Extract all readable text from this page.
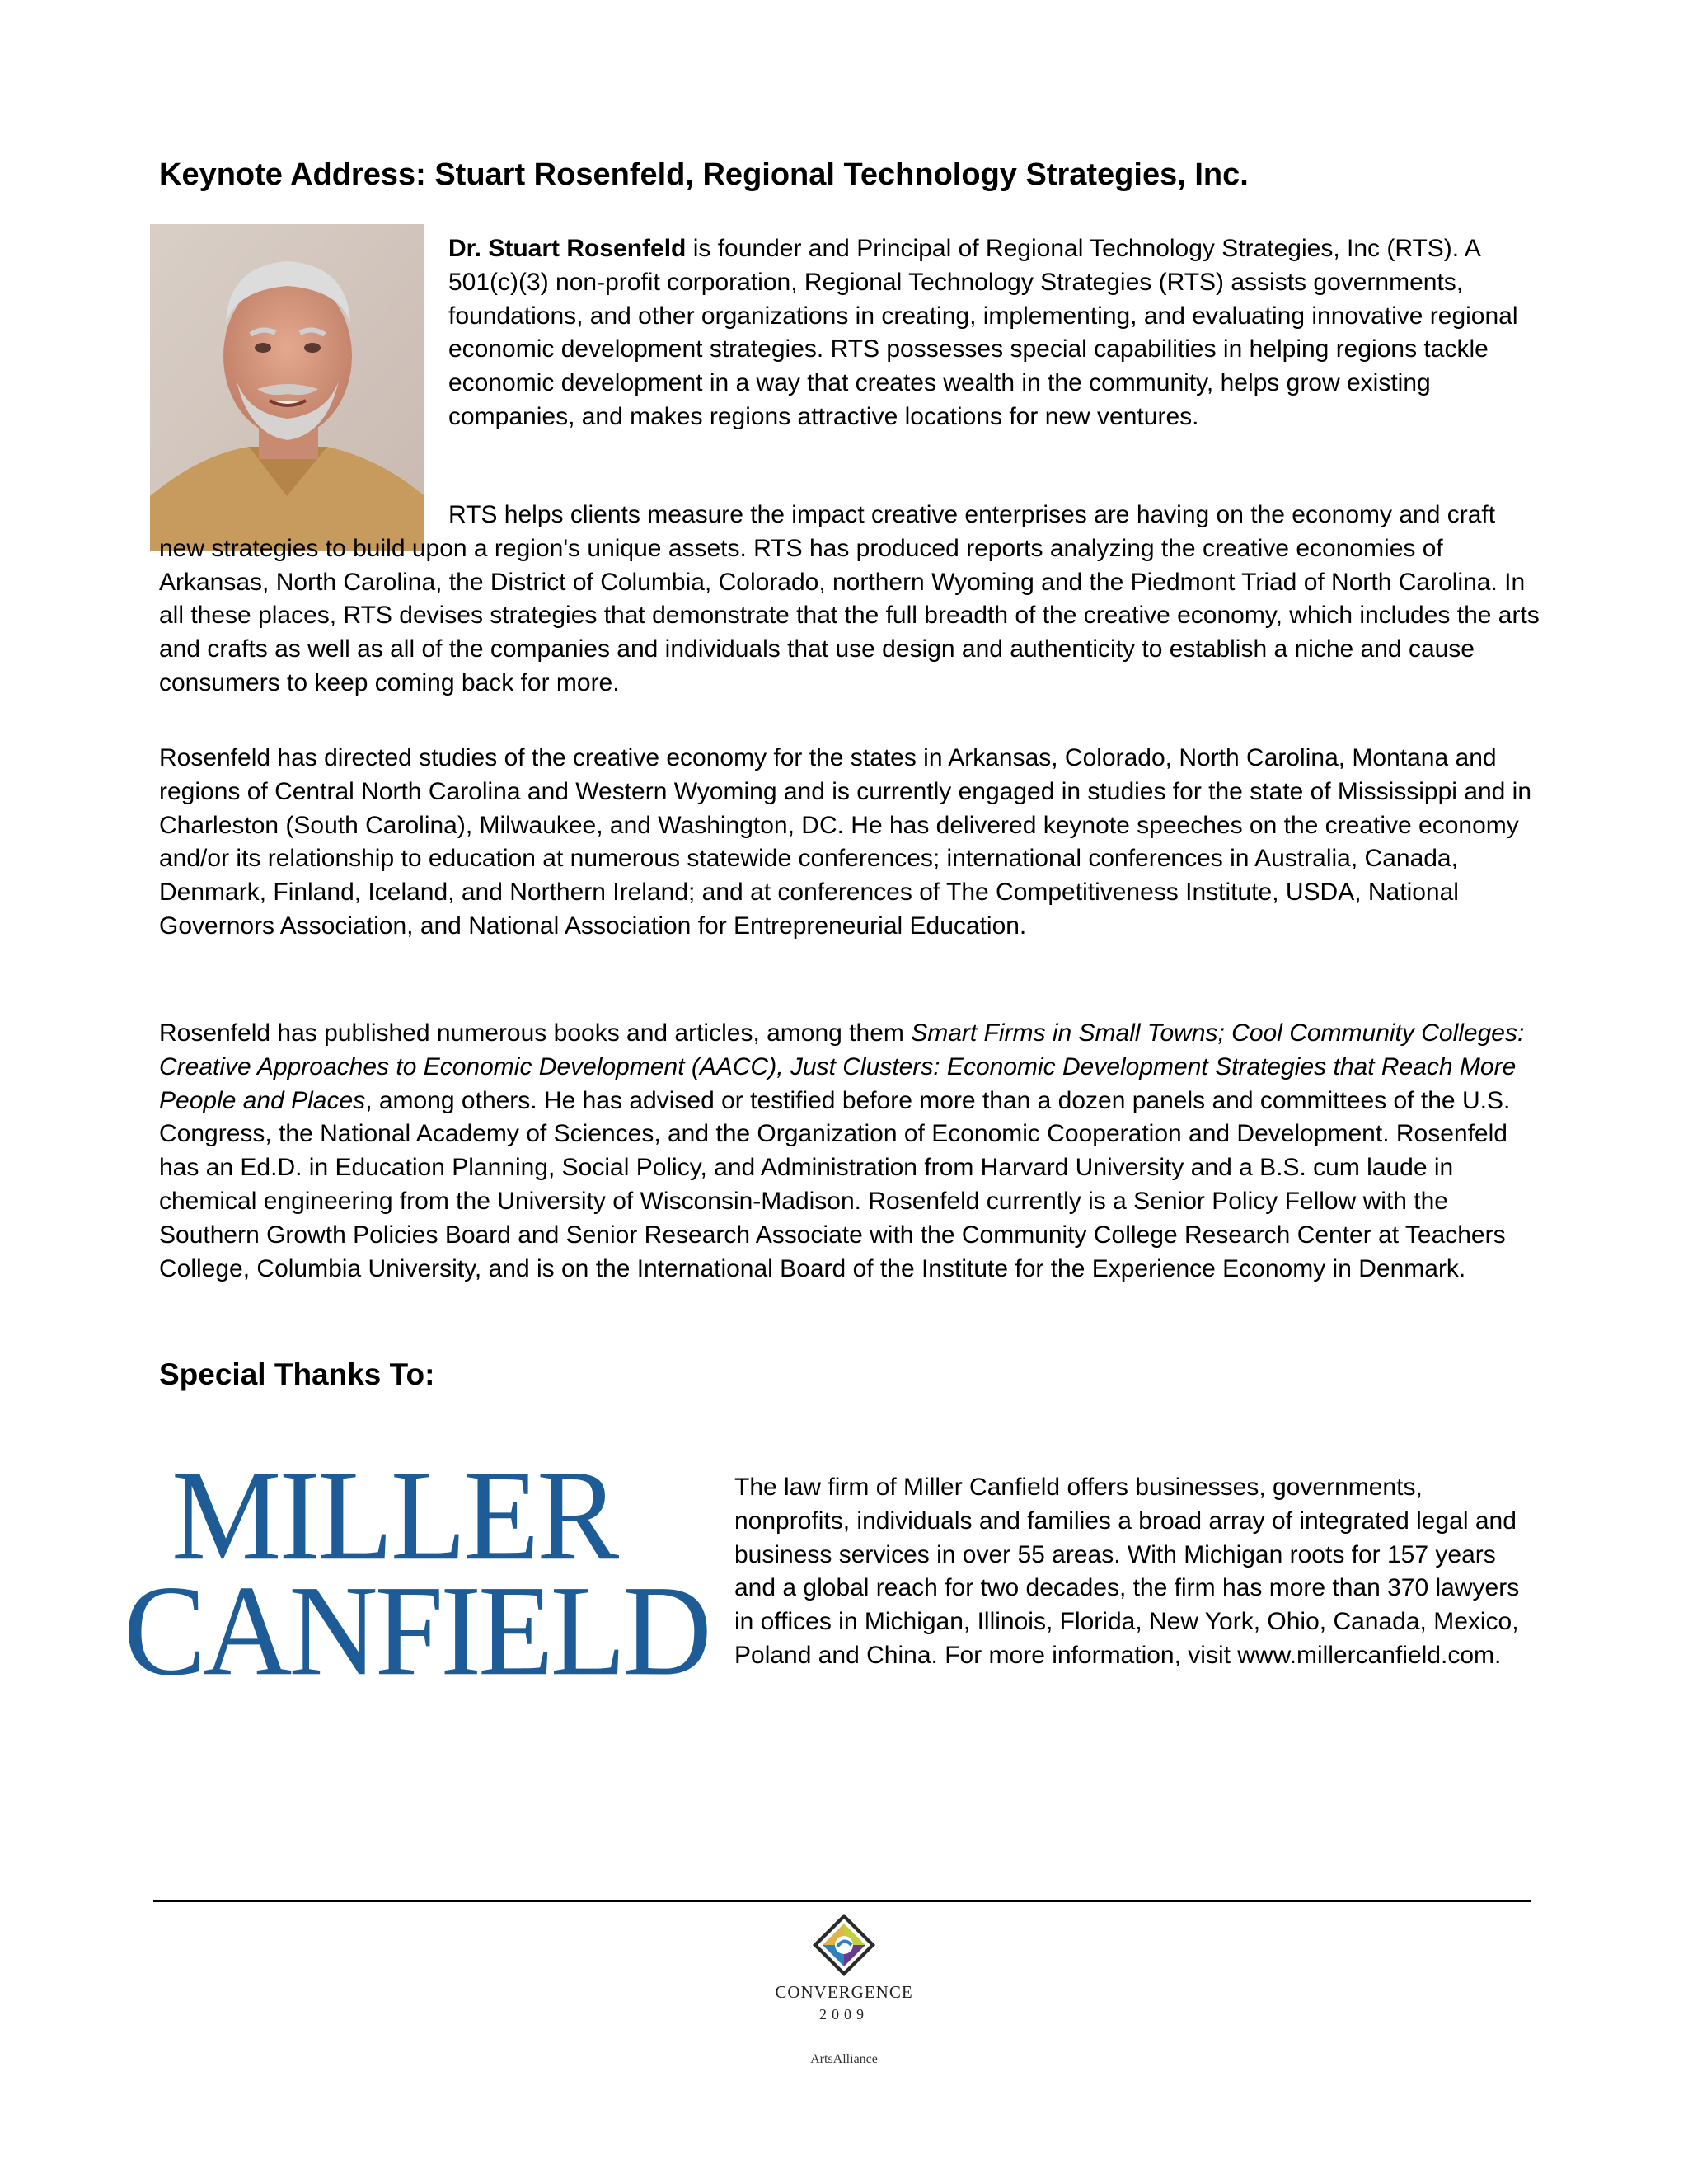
Keynote Address: Stuart Rosenfeld, Regional Technology Strategies, Inc.

Dr. Stuart Rosenfeld is founder and Principal of Regional Technology Strategies, Inc (RTS). A 501(c)(3) non-profit corporation, Regional Technology Strategies (RTS) assists governments, foundations, and other organizations in creating, implementing, and evaluating innovative regional economic development strategies. RTS possesses special capabilities in helping regions tackle economic development in a way that creates wealth in the community, helps grow existing companies, and makes regions attractive locations for new ventures.

RTS helps clients measure the impact creative enterprises are having on the economy and craft new strategies to build upon a region's unique assets. RTS has produced reports analyzing the creative economies of Arkansas, North Carolina, the District of Columbia, Colorado, northern Wyoming and the Piedmont Triad of North Carolina. In all these places, RTS devises strategies that demonstrate that the full breadth of the creative economy, which includes the arts and crafts as well as all of the companies and individuals that use design and authenticity to establish a niche and cause consumers to keep coming back for more.

Rosenfeld has directed studies of the creative economy for the states in Arkansas, Colorado, North Carolina, Montana and regions of Central North Carolina and Western Wyoming and is currently engaged in studies for the state of Mississippi and in Charleston (South Carolina), Milwaukee, and Washington, DC. He has delivered keynote speeches on the creative economy and/or its relationship to education at numerous statewide conferences; international conferences in Australia, Canada, Denmark, Finland, Iceland, and Northern Ireland; and at conferences of The Competitiveness Institute, USDA, National Governors Association, and National Association for Entrepreneurial Education.

Rosenfeld has published numerous books and articles, among them Smart Firms in Small Towns; Cool Community Colleges: Creative Approaches to Economic Development (AACC), Just Clusters: Economic Development Strategies that Reach More People and Places, among others. He has advised or testified before more than a dozen panels and committees of the U.S. Congress, the National Academy of Sciences, and the Organization of Economic Cooperation and Development. Rosenfeld has an Ed.D. in Education Planning, Social Policy, and Administration from Harvard University and a B.S. cum laude in chemical engineering from the University of Wisconsin-Madison. Rosenfeld currently is a Senior Policy Fellow with the Southern Growth Policies Board and Senior Research Associate with the Community College Research Center at Teachers College, Columbia University, and is on the International Board of the Institute for the Experience Economy in Denmark.

Special Thanks To:
MILLER
CANFIELD

The law firm of Miller Canfield offers businesses, governments, nonprofits, individuals and families a broad array of integrated legal and business services in over 55 areas. With Michigan roots for 157 years and a global reach for two decades, the firm has more than 370 lawyers in offices in Michigan, Illinois, Florida, New York, Ohio, Canada, Mexico, Poland and China. For more information, visit www.millercanfield.com.

CONVERGENCE

2009

ArtsAlliance
